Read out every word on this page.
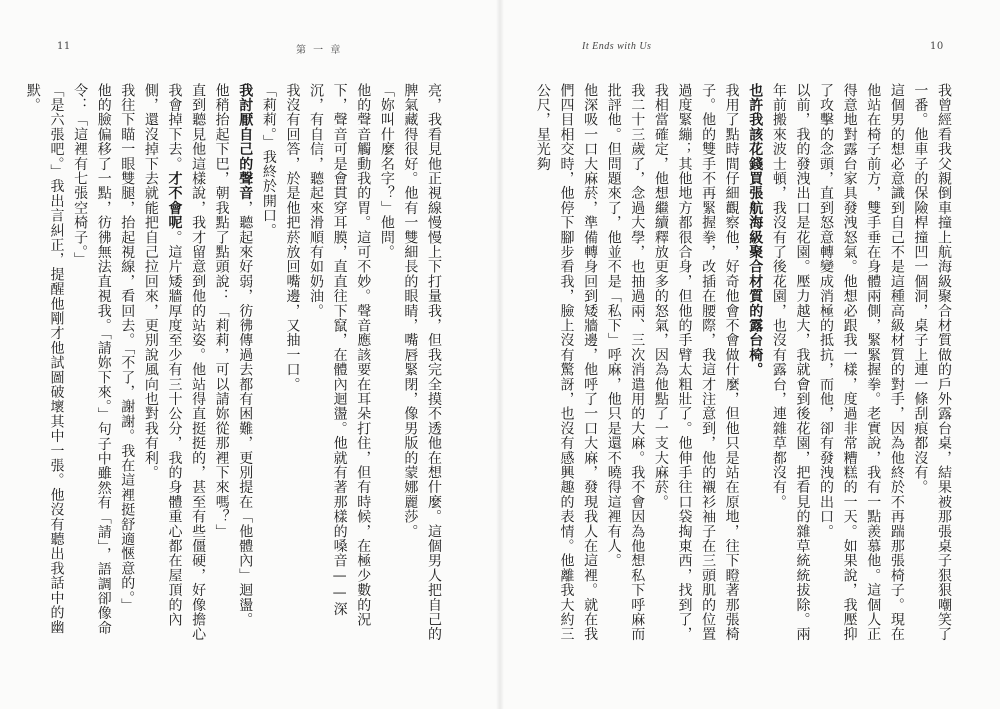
11	第 一 章	It Ends with Us	10

我曾經看我父親倒車撞上航海級聚合材質做的戶外露台桌，結果被那張桌子狠狠嘲笑了一番。他車子的保險桿撞凹一個洞，桌子上連一條刮痕都沒有。

這個男的想必意識到自己不是這種高級材質的對手，因為他終於不再踹那張椅子。現在他站在椅子前方，雙手垂在身體兩側，緊緊握拳。老實說，我有一點羨慕他。這個人正得意地對露台家具發洩怒氣。他想必跟我一樣，度過非常糟糕的一天。如果說，我壓抑了攻擊的念頭，直到怒意轉變成消極的抵抗，而他，卻有發洩的出口。

以前，我的發洩出口是花園。壓力越大，我就會到後花園，把看見的雜草統統拔除。兩年前搬來波士頓，我沒有了後花園，也沒有露台，連雜草都沒有。

也許我該花錢買張航海級聚合材質的露台椅。

我用了點時間仔細觀察他，好奇他會不會做什麼，但他只是站在原地，往下瞪著那張椅子。他的雙手不再緊握拳，改插在腰際，我這才注意到，他的襯衫袖子在三頭肌的位置過度緊繃；其他地方都很合身，但他的手臂太粗壯了。他伸手往口袋掏東西，找到了，我相當確定，他想繼續釋放更多的怒氣，因為他點了一支大麻菸。

我二十三歲了，念過大學，也抽過兩、三次消遣用的大麻。我不會因為他想私下呼麻而批評他。但問題來了，他並不是「私下」呼麻，他只是還不曉得這裡有人。

他深吸一口大麻菸，準備轉身回到矮牆邊，他呼了一口大麻，發現我人在這裡。就在我們四目相交時，他停下腳步看我，臉上沒有驚訝，也沒有感興趣的表情。他離我大約三公尺，星光夠

亮，我看見他正視線慢慢上下打量我，但我完全摸不透他在想什麼。這個男人把自己的脾氣藏得很好。他有一雙細長的眼睛，嘴唇緊閉，像男版的蒙娜麗莎。

「妳叫什麼名字？」他問。

他的聲音觸動我的胃。這可不妙。聲音應該要在耳朵打住，但有時候，在極少數的況下，聲音可是會貫穿耳膜，直直往下竄，在體內迴盪。他就有著那樣的嗓音——深沉，有自信，聽起來滑順有如奶油。

我沒有回答，於是他把菸放回嘴邊，又抽一口。

「莉莉。」我終於開口。

我討厭自己的聲音，聽起來好弱，彷彿傳過去都有困難，更別提在「他體內」迴盪。

他稍抬起下巴，朝我點了點頭說：「莉莉，可以請妳從那裡下來嗎？」

直到聽見他這樣說，我才留意到他的站姿。他站得直挺挺的，甚至有些僵硬，好像擔心我會掉下去。才不會呢。這片矮牆厚度至少有三十公分，我的身體重心都在屋頂的內側，還沒掉下去就能把自己拉回來，更別說風向也對我有利。

我往下瞄一眼雙腿，抬起視線，看回去。「不了，謝謝。我在這裡挺舒適愜意的。」

他的臉偏移了一點，彷彿無法直視我。「請妳下來。」句子中雖然有「請」，語調卻像命令：「這裡有七張空椅子。」

「是六張吧。」我出言糾正，提醒他剛才他試圖破壞其中一張。他沒有聽出我話中的幽默。
